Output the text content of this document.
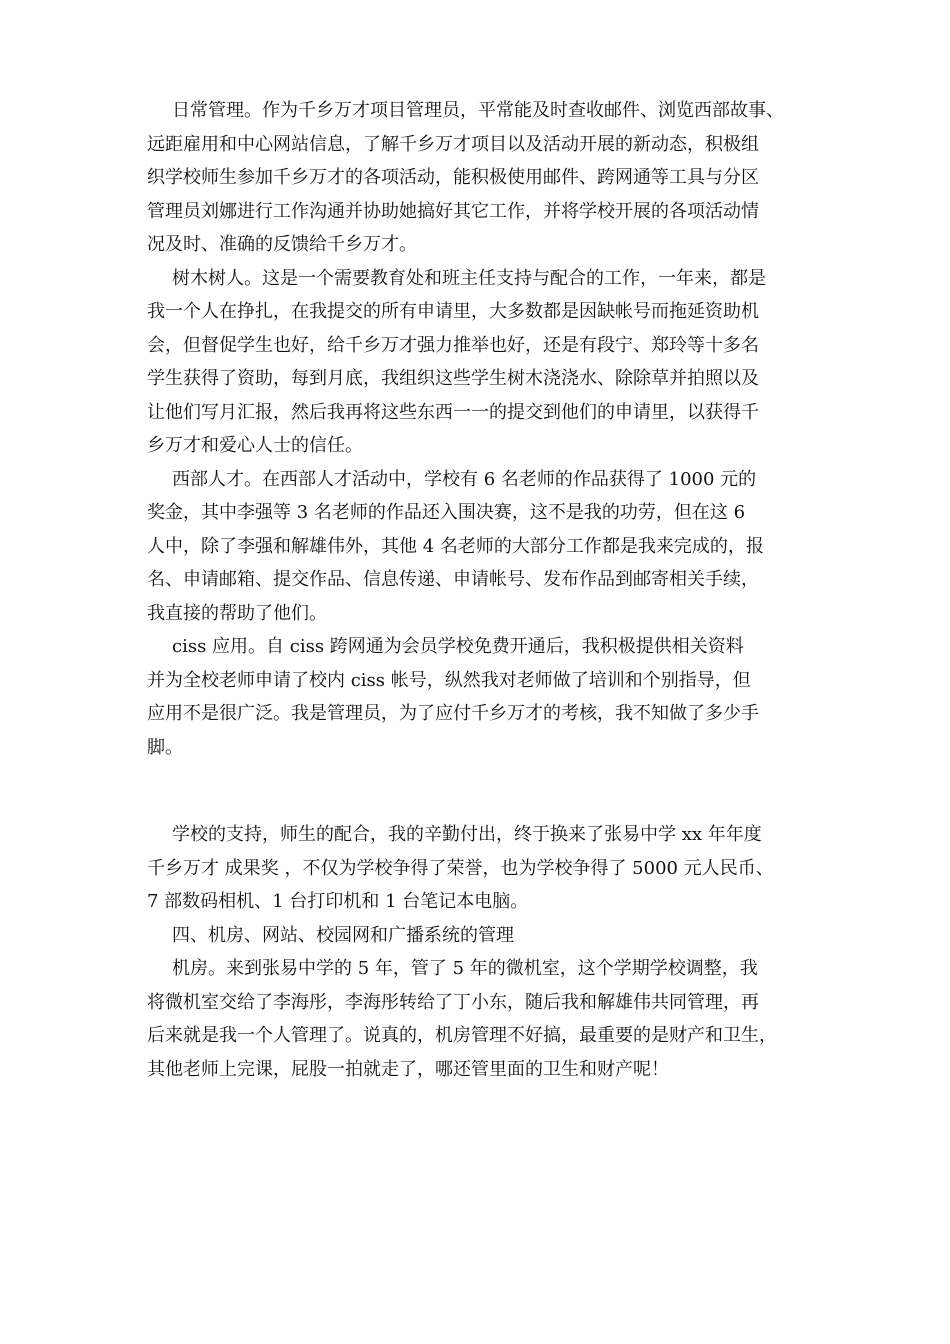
日常管理。作为千乡万才项目管理员，平常能及时查收邮件、浏览西部故事、
远距雇用和中心网站信息，了解千乡万才项目以及活动开展的新动态，积极组
织学校师生参加千乡万才的各项活动，能积极使用邮件、跨网通等工具与分区
管理员刘娜进行工作沟通并协助她搞好其它工作，并将学校开展的各项活动情
况及时、准确的反馈给千乡万才。
树木树人。这是一个需要教育处和班主任支持与配合的工作，一年来，都是
我一个人在挣扎，在我提交的所有申请里，大多数都是因缺帐号而拖延资助机
会，但督促学生也好，给千乡万才强力推举也好，还是有段宁、郑玲等十多名
学生获得了资助，每到月底，我组织这些学生树木浇浇水、除除草并拍照以及
让他们写月汇报，然后我再将这些东西一一的提交到他们的申请里，以获得千
乡万才和爱心人士的信任。
西部人才。在西部人才活动中，学校有 6 名老师的作品获得了 1000 元的
奖金，其中李强等 3 名老师的作品还入围决赛，这不是我的功劳，但在这 6
人中，除了李强和解雄伟外，其他 4 名老师的大部分工作都是我来完成的，报
名、申请邮箱、提交作品、信息传递、申请帐号、发布作品到邮寄相关手续，
我直接的帮助了他们。
ciss 应用。自 ciss 跨网通为会员学校免费开通后，我积极提供相关资料
并为全校老师申请了校内 ciss 帐号，纵然我对老师做了培训和个别指导，但
应用不是很广泛。我是管理员，为了应付千乡万才的考核，我不知做了多少手
脚。
学校的支持，师生的配合，我的辛勤付出，终于换来了张易中学 xx 年年度
千乡万才 成果奖 ，不仅为学校争得了荣誉，也为学校争得了 5000 元人民币、
7 部数码相机、1 台打印机和 1 台笔记本电脑。
四、机房、网站、校园网和广播系统的管理
机房。来到张易中学的 5 年，管了 5 年的微机室，这个学期学校调整，我
将微机室交给了李海彤，李海彤转给了丁小东，随后我和解雄伟共同管理，再
后来就是我一个人管理了。说真的，机房管理不好搞，最重要的是财产和卫生，
其他老师上完课，屁股一拍就走了，哪还管里面的卫生和财产呢！
